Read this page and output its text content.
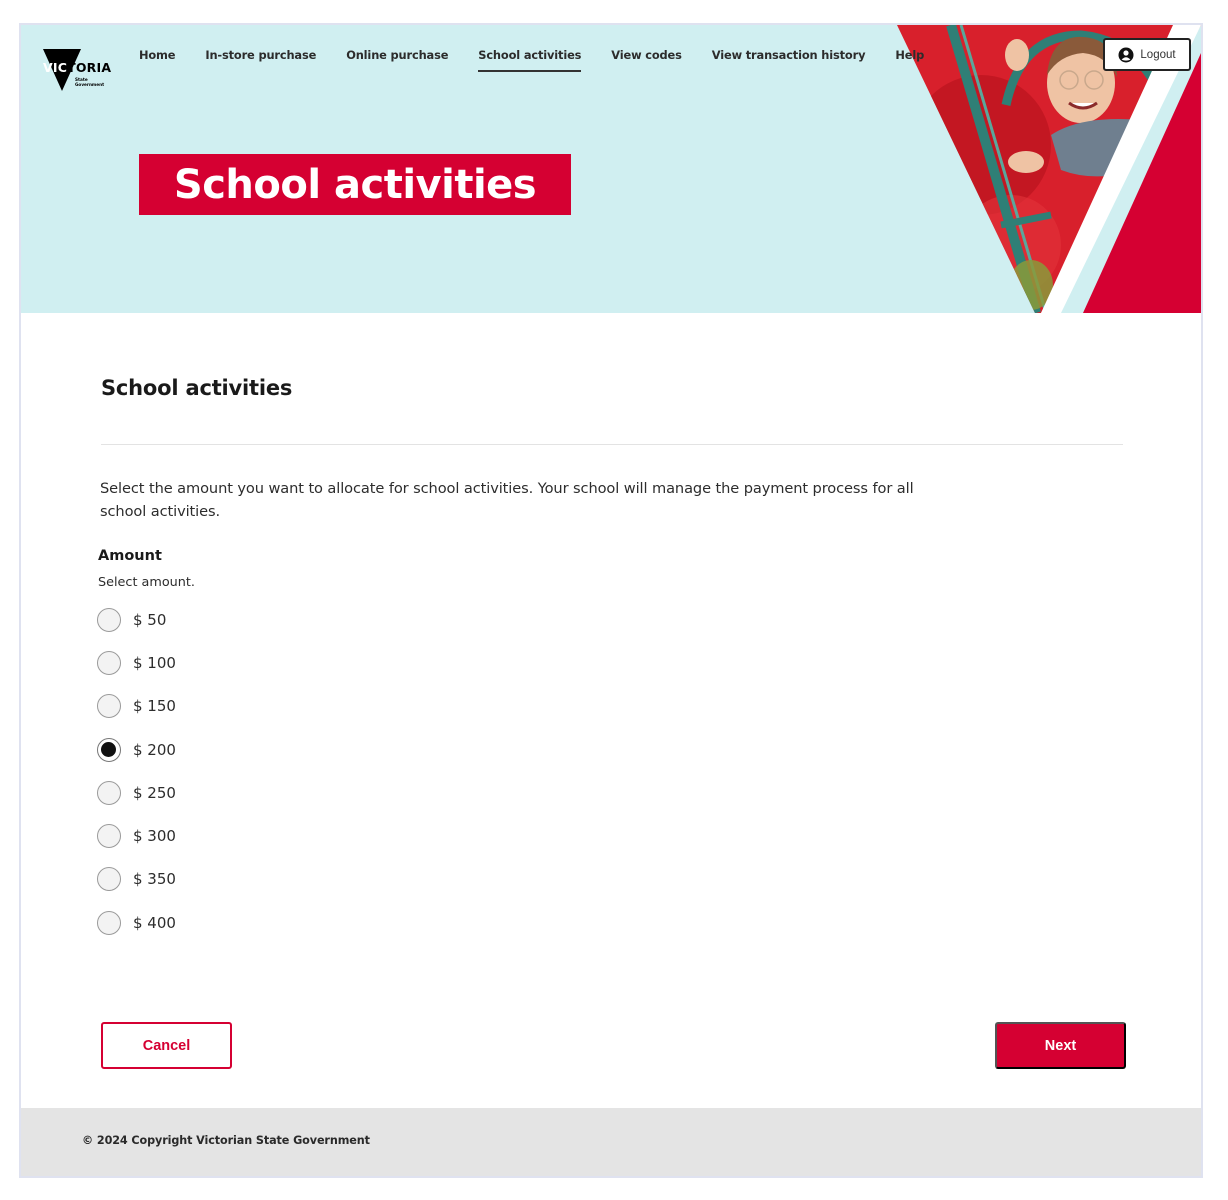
VICTORIA
State
Government
Home	In-store purchase	Online purchase	School activities	View codes	View transaction history	Help	Logout
School activities
School activities

Select the amount you want to allocate for school activities. Your school will manage the payment process for all
school activities.

Amount
Select amount.
$ 50
$ 100
$ 150
$ 200
$ 250
$ 300
$ 350
$ 400
Cancel	Next
© 2024 Copyright Victorian State Government
